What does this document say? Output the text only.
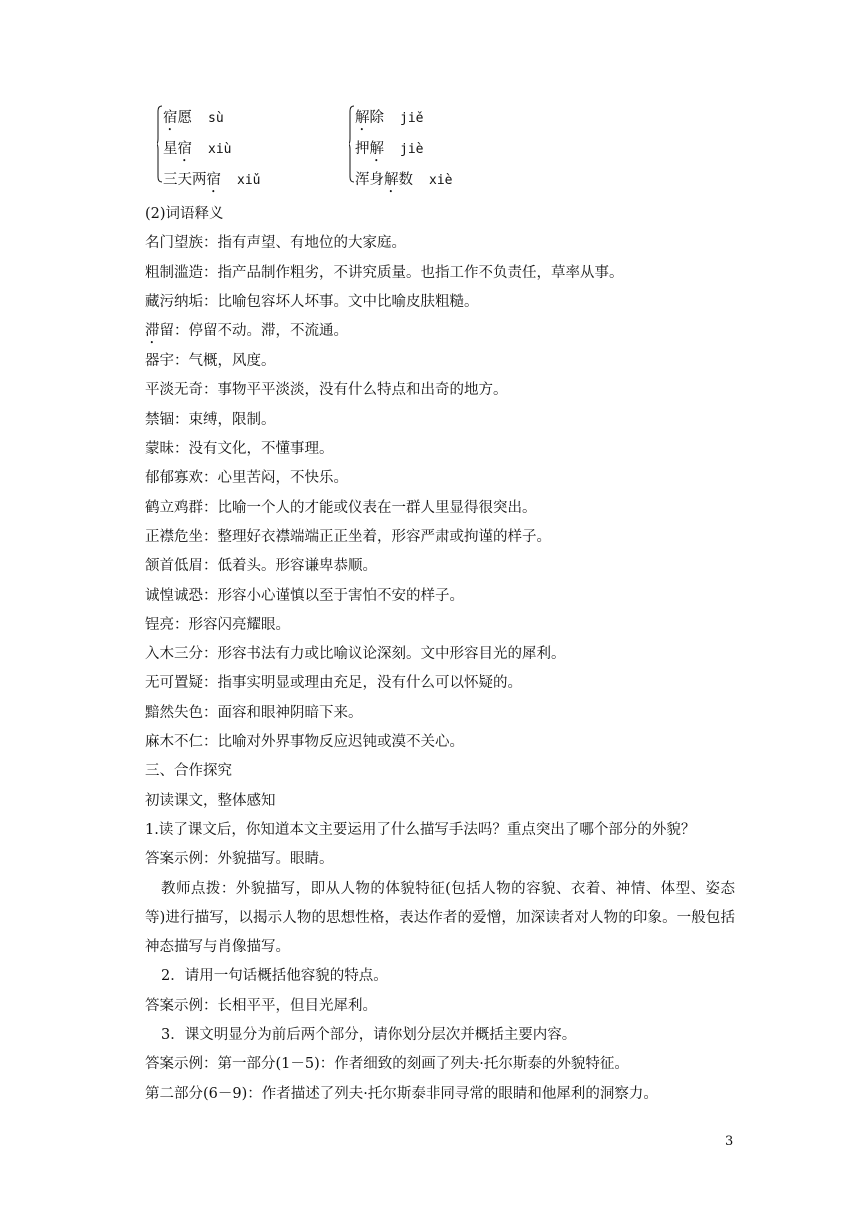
宿愿 sù
星宿 xiù
三天两宿 xiǔ
解除 jiě
押解 jiè
浑身解数 xiè
(2)词语释义
名门望族：指有声望、有地位的大家庭。
粗制滥造：指产品制作粗劣，不讲究质量。也指工作不负责任，草率从事。
藏污纳垢：比喻包容坏人坏事。文中比喻皮肤粗糙。
滞留：停留不动。滞，不流通。
器宇：气概，风度。
平淡无奇：事物平平淡淡，没有什么特点和出奇的地方。
禁锢：束缚，限制。
蒙昧：没有文化，不懂事理。
郁郁寡欢：心里苦闷，不快乐。
鹤立鸡群：比喻一个人的才能或仪表在一群人里显得很突出。
正襟危坐：整理好衣襟端端正正坐着，形容严肃或拘谨的样子。
颔首低眉：低着头。形容谦卑恭顺。
诚惶诚恐：形容小心谨慎以至于害怕不安的样子。
锃亮：形容闪亮耀眼。
入木三分：形容书法有力或比喻议论深刻。文中形容目光的犀利。
无可置疑：指事实明显或理由充足，没有什么可以怀疑的。
黯然失色：面容和眼神阴暗下来。
麻木不仁：比喻对外界事物反应迟钝或漠不关心。
三、合作探究
初读课文，整体感知
1.读了课文后，你知道本文主要运用了什么描写手法吗？重点突出了哪个部分的外貌？
答案示例：外貌描写。眼睛。
教师点拨：外貌描写，即从人物的体貌特征(包括人物的容貌、衣着、神情、体型、姿态等)进行描写，以揭示人物的思想性格，表达作者的爱憎，加深读者对人物的印象。一般包括神态描写与肖像描写。
2．请用一句话概括他容貌的特点。
答案示例：长相平平，但目光犀利。
3．课文明显分为前后两个部分，请你划分层次并概括主要内容。
答案示例：第一部分(1－5)：作者细致的刻画了列夫·托尔斯泰的外貌特征。
第二部分(6－9)：作者描述了列夫·托尔斯泰非同寻常的眼睛和他犀利的洞察力。
3
